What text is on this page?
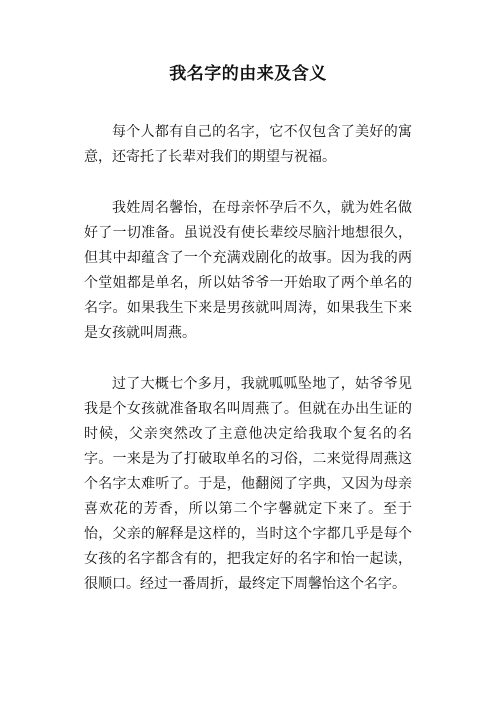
我名字的由来及含义

每个人都有自己的名字，它不仅包含了美好的寓意，还寄托了长辈对我们的期望与祝福。

我姓周名馨怡，在母亲怀孕后不久，就为姓名做好了一切准备。虽说没有使长辈绞尽脑汁地想很久，但其中却蕴含了一个充满戏剧化的故事。因为我的两个堂姐都是单名，所以姑爷爷一开始取了两个单名的名字。如果我生下来是男孩就叫周涛，如果我生下来是女孩就叫周燕。

过了大概七个多月，我就呱呱坠地了，姑爷爷见我是个女孩就准备取名叫周燕了。但就在办出生证的时候，父亲突然改了主意他决定给我取个复名的名字。一来是为了打破取单名的习俗，二来觉得周燕这个名字太难听了。于是，他翻阅了字典，又因为母亲喜欢花的芳香，所以第二个字馨就定下来了。至于怡，父亲的解释是这样的，当时这个字都几乎是每个女孩的名字都含有的，把我定好的名字和怡一起读，很顺口。经过一番周折，最终定下周馨怡这个名字。
